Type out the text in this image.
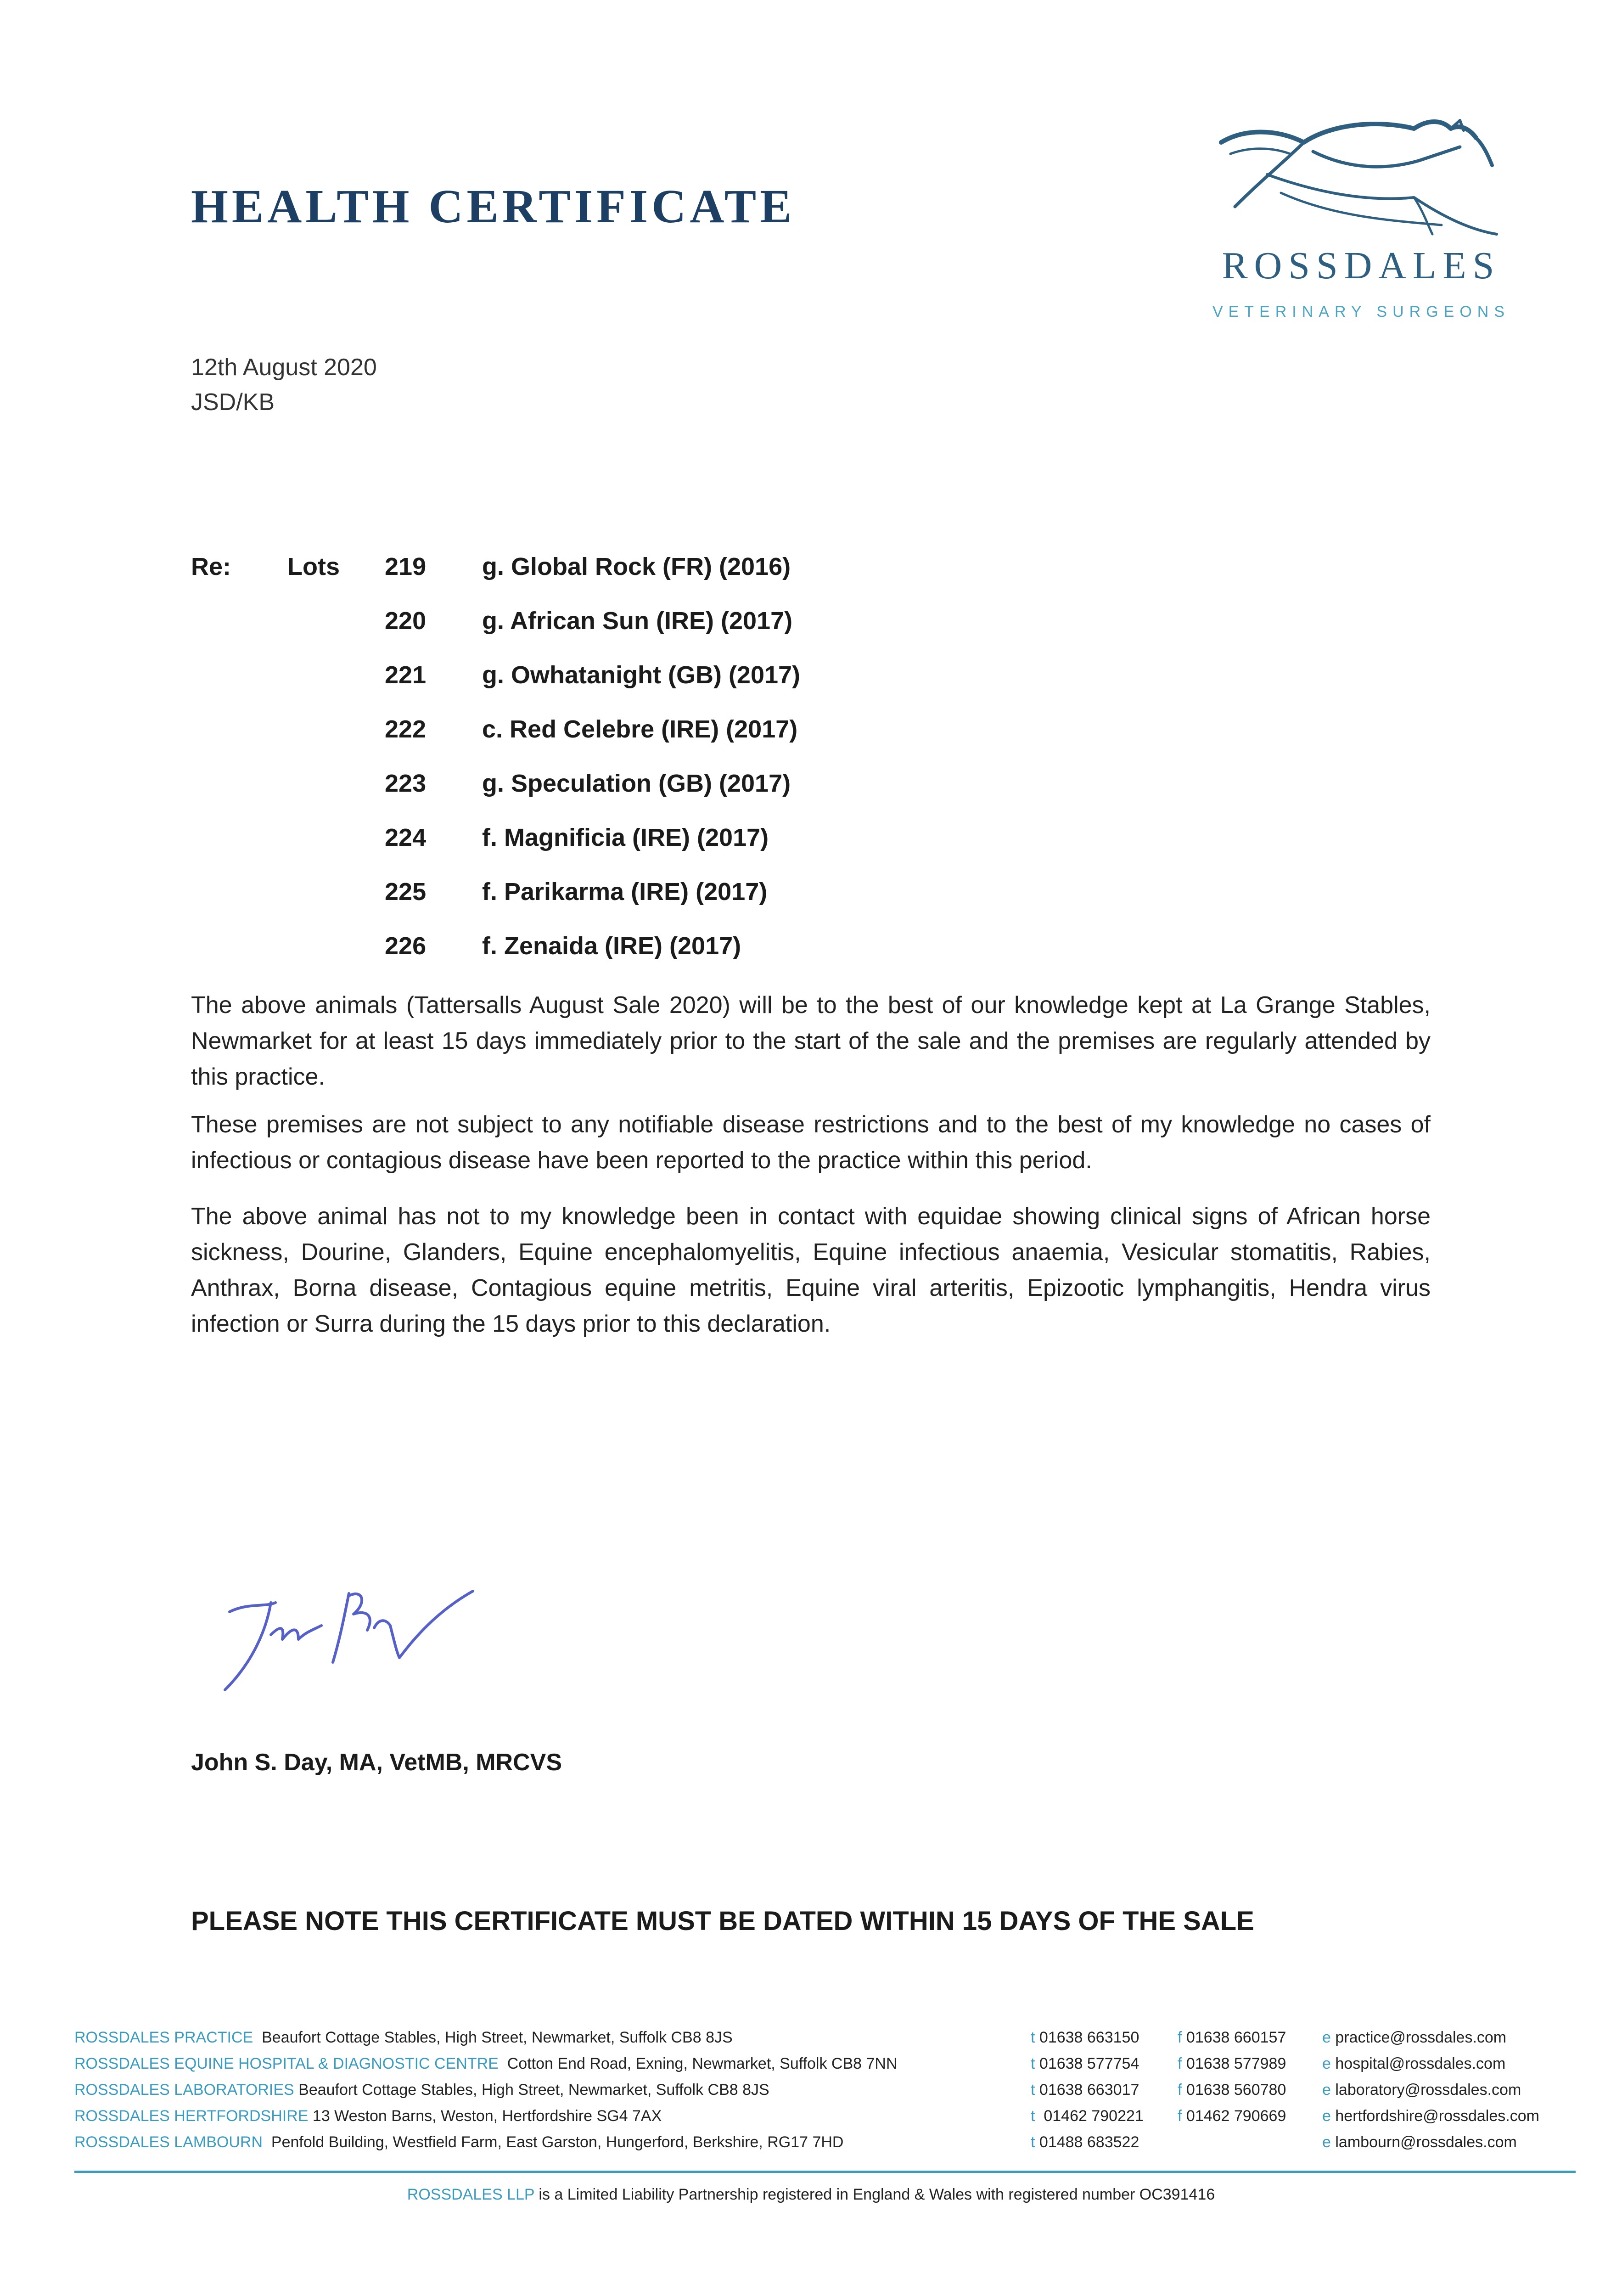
HEALTH CERTIFICATE
ROSSDALES
VETERINARY SURGEONS
12th August 2020
JSD/KB
Re: Lots 219 g. Global Rock (FR) (2016)
220 g. African Sun (IRE) (2017)
221 g. Owhatanight (GB) (2017)
222 c. Red Celebre (IRE) (2017)
223 g. Speculation (GB) (2017)
224 f. Magnificia (IRE) (2017)
225 f. Parikarma (IRE) (2017)
226 f. Zenaida (IRE) (2017)
The above animals (Tattersalls August Sale 2020) will be to the best of our knowledge kept at La Grange Stables, Newmarket for at least 15 days immediately prior to the start of the sale and the premises are regularly attended by this practice.
These premises are not subject to any notifiable disease restrictions and to the best of my knowledge no cases of infectious or contagious disease have been reported to the practice within this period.
The above animal has not to my knowledge been in contact with equidae showing clinical signs of African horse sickness, Dourine, Glanders, Equine encephalomyelitis, Equine infectious anaemia, Vesicular stomatitis, Rabies, Anthrax, Borna disease, Contagious equine metritis, Equine viral arteritis, Epizootic lymphangitis, Hendra virus infection or Surra during the 15 days prior to this declaration.
John S. Day, MA, VetMB, MRCVS
PLEASE NOTE THIS CERTIFICATE MUST BE DATED WITHIN 15 DAYS OF THE SALE
ROSSDALES PRACTICE Beaufort Cottage Stables, High Street, Newmarket, Suffolk CB8 8JS	t 01638 663150 f 01638 660157 e practice@rossdales.com
ROSSDALES EQUINE HOSPITAL & DIAGNOSTIC CENTRE Cotton End Road, Exning, Newmarket, Suffolk CB8 7NN	t 01638 577754 f 01638 577989 e hospital@rossdales.com
ROSSDALES LABORATORIES Beaufort Cottage Stables, High Street, Newmarket, Suffolk CB8 8JS	t 01638 663017 f 01638 560780 e laboratory@rossdales.com
ROSSDALES HERTFORDSHIRE 13 Weston Barns, Weston, Hertfordshire SG4 7AX	t 01462 790221 f 01462 790669 e hertfordshire@rossdales.com
ROSSDALES LAMBOURN Penfold Building, Westfield Farm, East Garston, Hungerford, Berkshire, RG17 7HD	t 01488 683522	e lambourn@rossdales.com
ROSSDALES LLP is a Limited Liability Partnership registered in England & Wales with registered number OC391416
